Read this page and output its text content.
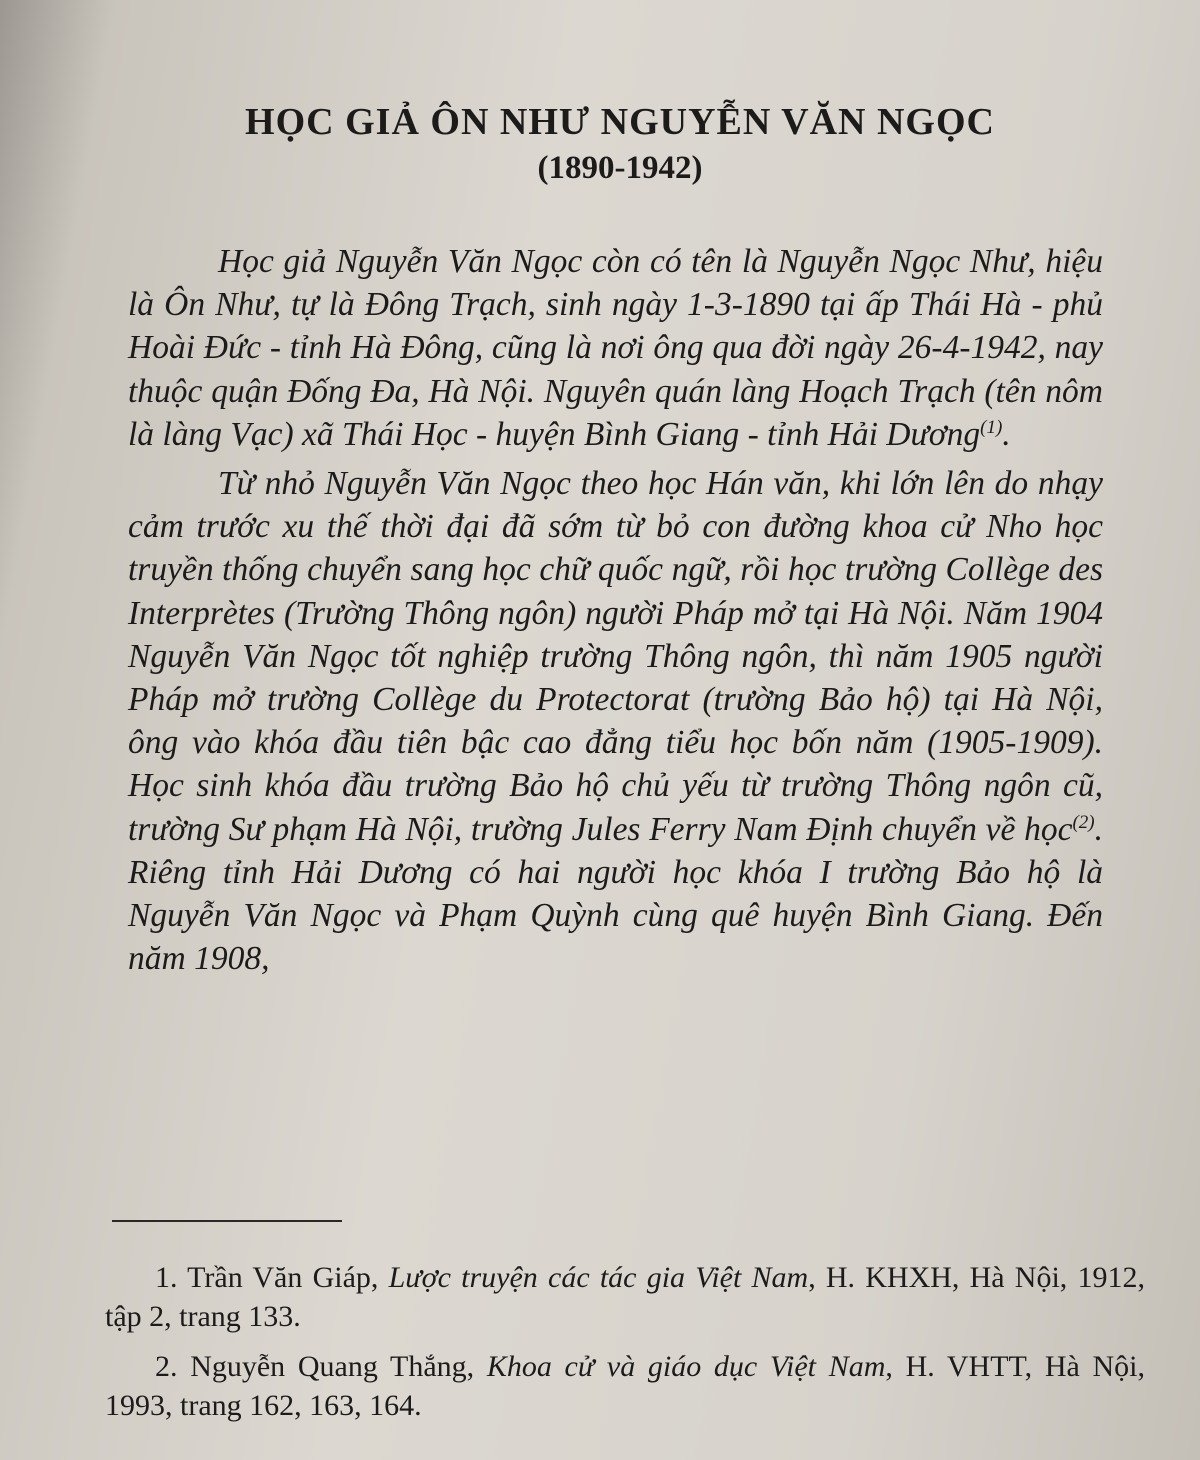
HỌC GIẢ ÔN NHƯ NGUYỄN VĂN NGỌC
(1890-1942)

Học giả Nguyễn Văn Ngọc còn có tên là Nguyễn Ngọc Như, hiệu là Ôn Như, tự là Đông Trạch, sinh ngày 1-3-1890 tại ấp Thái Hà - phủ Hoài Đức - tỉnh Hà Đông, cũng là nơi ông qua đời ngày 26-4-1942, nay thuộc quận Đống Đa, Hà Nội. Nguyên quán làng Hoạch Trạch (tên nôm là làng Vạc) xã Thái Học - huyện Bình Giang - tỉnh Hải Dương$^{(1)}$.

Từ nhỏ Nguyễn Văn Ngọc theo học Hán văn, khi lớn lên do nhạy cảm trước xu thế thời đại đã sớm từ bỏ con đường khoa cử Nho học truyền thống chuyển sang học chữ quốc ngữ, rồi học trường Collège des Interprètes (Trường Thông ngôn) người Pháp mở tại Hà Nội. Năm 1904 Nguyễn Văn Ngọc tốt nghiệp trường Thông ngôn, thì năm 1905 người Pháp mở trường Collège du Protectorat (trường Bảo hộ) tại Hà Nội, ông vào khóa đầu tiên bậc cao đẳng tiểu học bốn năm (1905-1909). Học sinh khóa đầu trường Bảo hộ chủ yếu từ trường Thông ngôn cũ, trường Sư phạm Hà Nội, trường Jules Ferry Nam Định chuyển về học$^{(2)}$. Riêng tỉnh Hải Dương có hai người học khóa I trường Bảo hộ là Nguyễn Văn Ngọc và Phạm Quỳnh cùng quê huyện Bình Giang. Đến năm 1908,

1. Trần Văn Giáp, Lược truyện các tác gia Việt Nam, H. KHXH, Hà Nội, 1912, tập 2, trang 133.

2. Nguyễn Quang Thắng, Khoa cử và giáo dục Việt Nam, H. VHTT, Hà Nội, 1993, trang 162, 163, 164.
